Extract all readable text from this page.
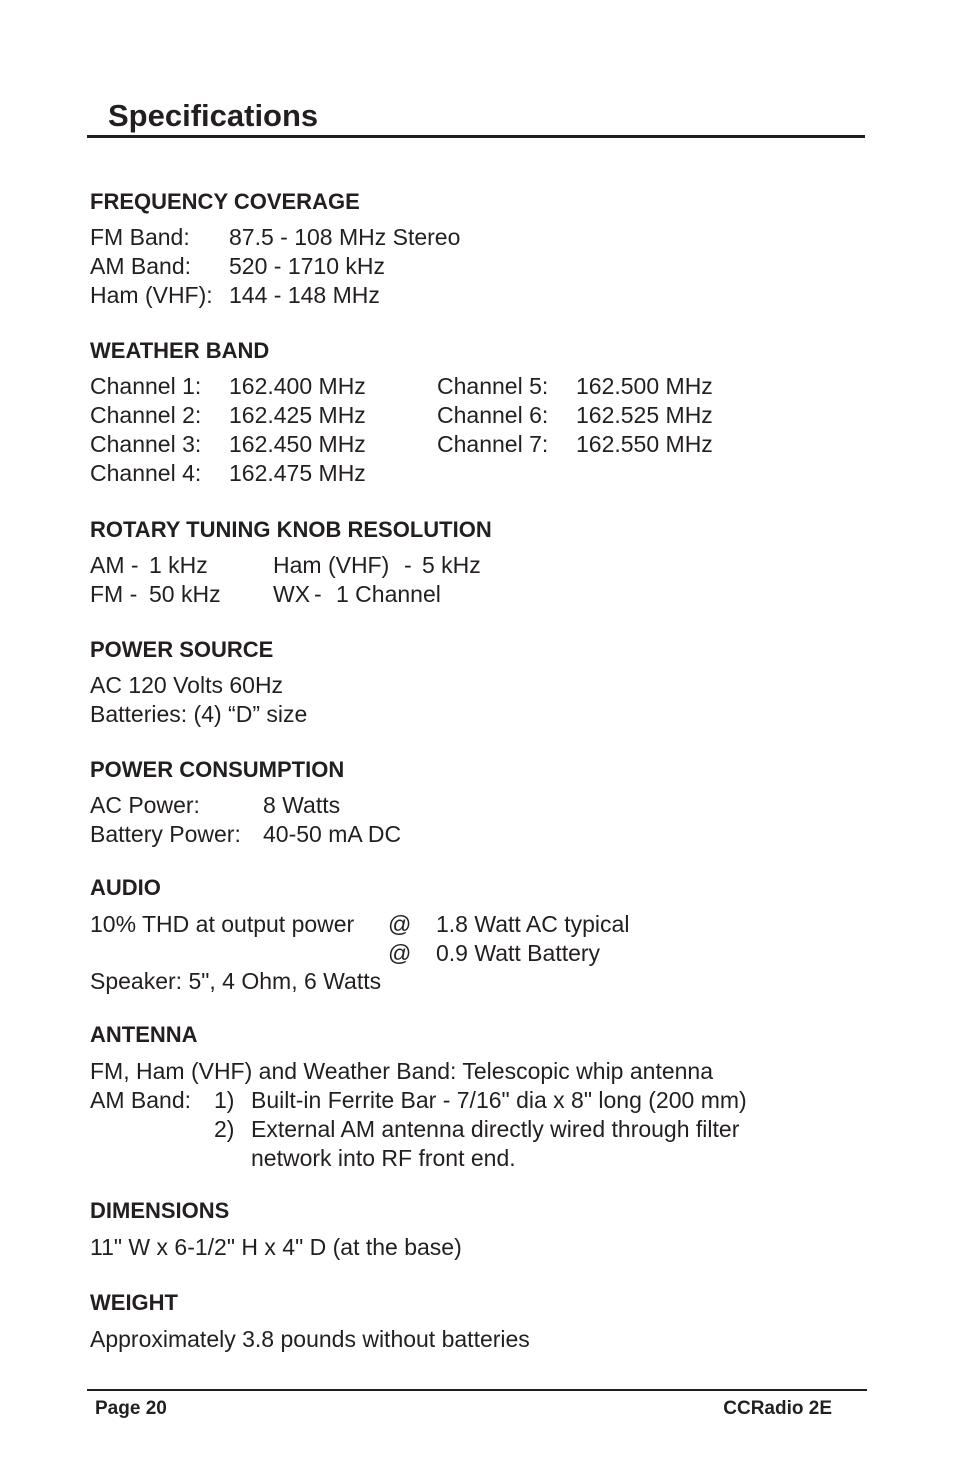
Specifications
FREQUENCY COVERAGE
FM Band: 87.5 - 108 MHz Stereo
AM Band: 520 - 1710 kHz
Ham (VHF): 144 - 148 MHz
WEATHER BAND
Channel 1: 162.400 MHz
Channel 2: 162.425 MHz
Channel 3: 162.450 MHz
Channel 4: 162.475 MHz
Channel 5: 162.500 MHz
Channel 6: 162.525 MHz
Channel 7: 162.550 MHz
ROTARY TUNING KNOB RESOLUTION
AM - 1 kHz	Ham (VHF) - 5 kHz
FM - 50 kHz WX - 1 Channel
POWER SOURCE
AC 120 Volts 60Hz
Batteries: (4) “D” size
POWER CONSUMPTION
AC Power:	8 Watts
Battery Power: 40-50 mA DC
AUDIO
10% THD at output power @ 1.8 Watt AC typical
@ 0.9 Watt Battery
Speaker: 5", 4 Ohm, 6 Watts
ANTENNA
FM, Ham (VHF) and Weather Band: Telescopic whip antenna
AM Band: 1) Built-in Ferrite Bar - 7/16" dia x 8" long (200 mm)
2) External AM antenna directly wired through filter
network into RF front end.
DIMENSIONS
11" W x 6-1/2" H x 4" D (at the base)
WEIGHT
Approximately 3.8 pounds without batteries
Page 20	CCRadio 2E
